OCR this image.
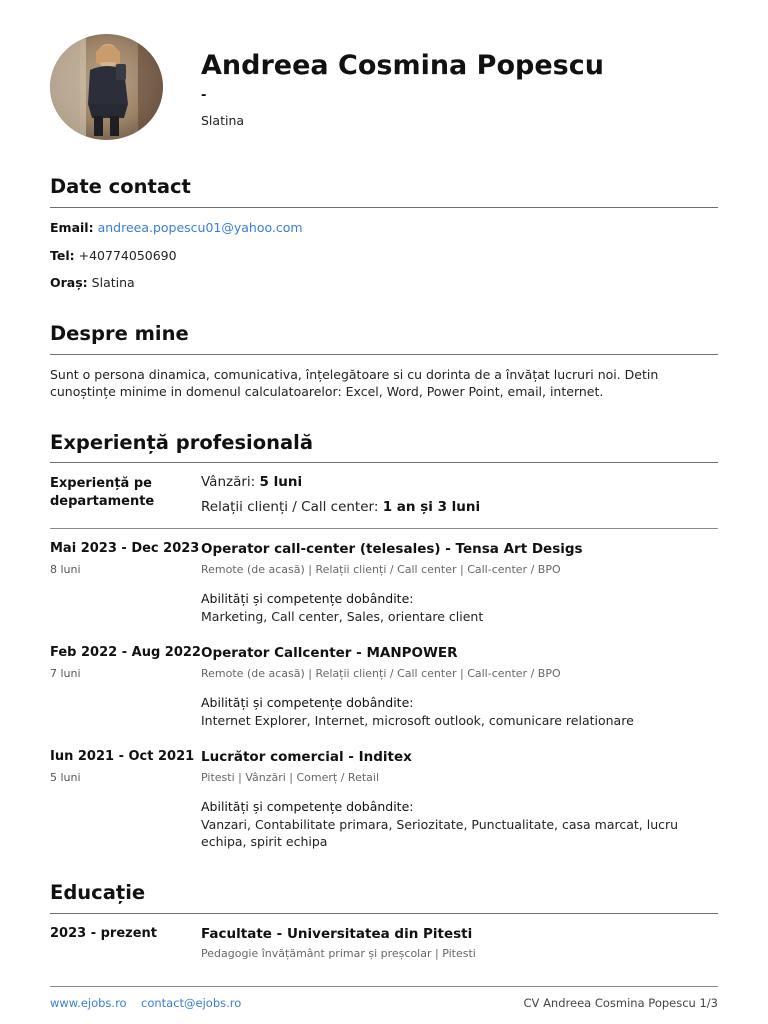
Andreea Cosmina Popescu
-
Slatina
Date contact
Email: andreea.popescu01@yahoo.com
Tel: +40774050690
Oraș: Slatina
Despre mine
Sunt o persona dinamica, comunicativa, înțelegătoare si cu dorinta de a învățat lucruri noi. Detin cunoștințe minime in domenul calculatoarelor: Excel, Word, Power Point, email, internet.
Experiență profesională
Experiență pe departamente
Vânzări: 5 luni
Relații clienți / Call center: 1 an și 3 luni
Mai 2023 - Dec 2023
8 luni
Operator call-center (telesales) - Tensa Art Desigs
Remote (de acasă) | Relații clienți / Call center | Call-center / BPO
Abilități și competențe dobândite:
Marketing, Call center, Sales, orientare client
Feb 2022 - Aug 2022
7 luni
Operator Callcenter - MANPOWER
Remote (de acasă) | Relații clienți / Call center | Call-center / BPO
Abilități și competențe dobândite:
Internet Explorer, Internet, microsoft outlook, comunicare relationare
Iun 2021 - Oct 2021
5 luni
Lucrător comercial - Inditex
Pitesti | Vânzări | Comerț / Retail
Abilități și competențe dobândite:
Vanzari, Contabilitate primara, Seriozitate, Punctualitate, casa marcat, lucru echipa, spirit echipa
Educație
2023 - prezent	Facultate - Universitatea din Pitesti
Pedagogie învățământ primar și preșcolar | Pitesti
www.ejobs.ro contact@ejobs.ro	CV Andreea Cosmina Popescu 1/3
